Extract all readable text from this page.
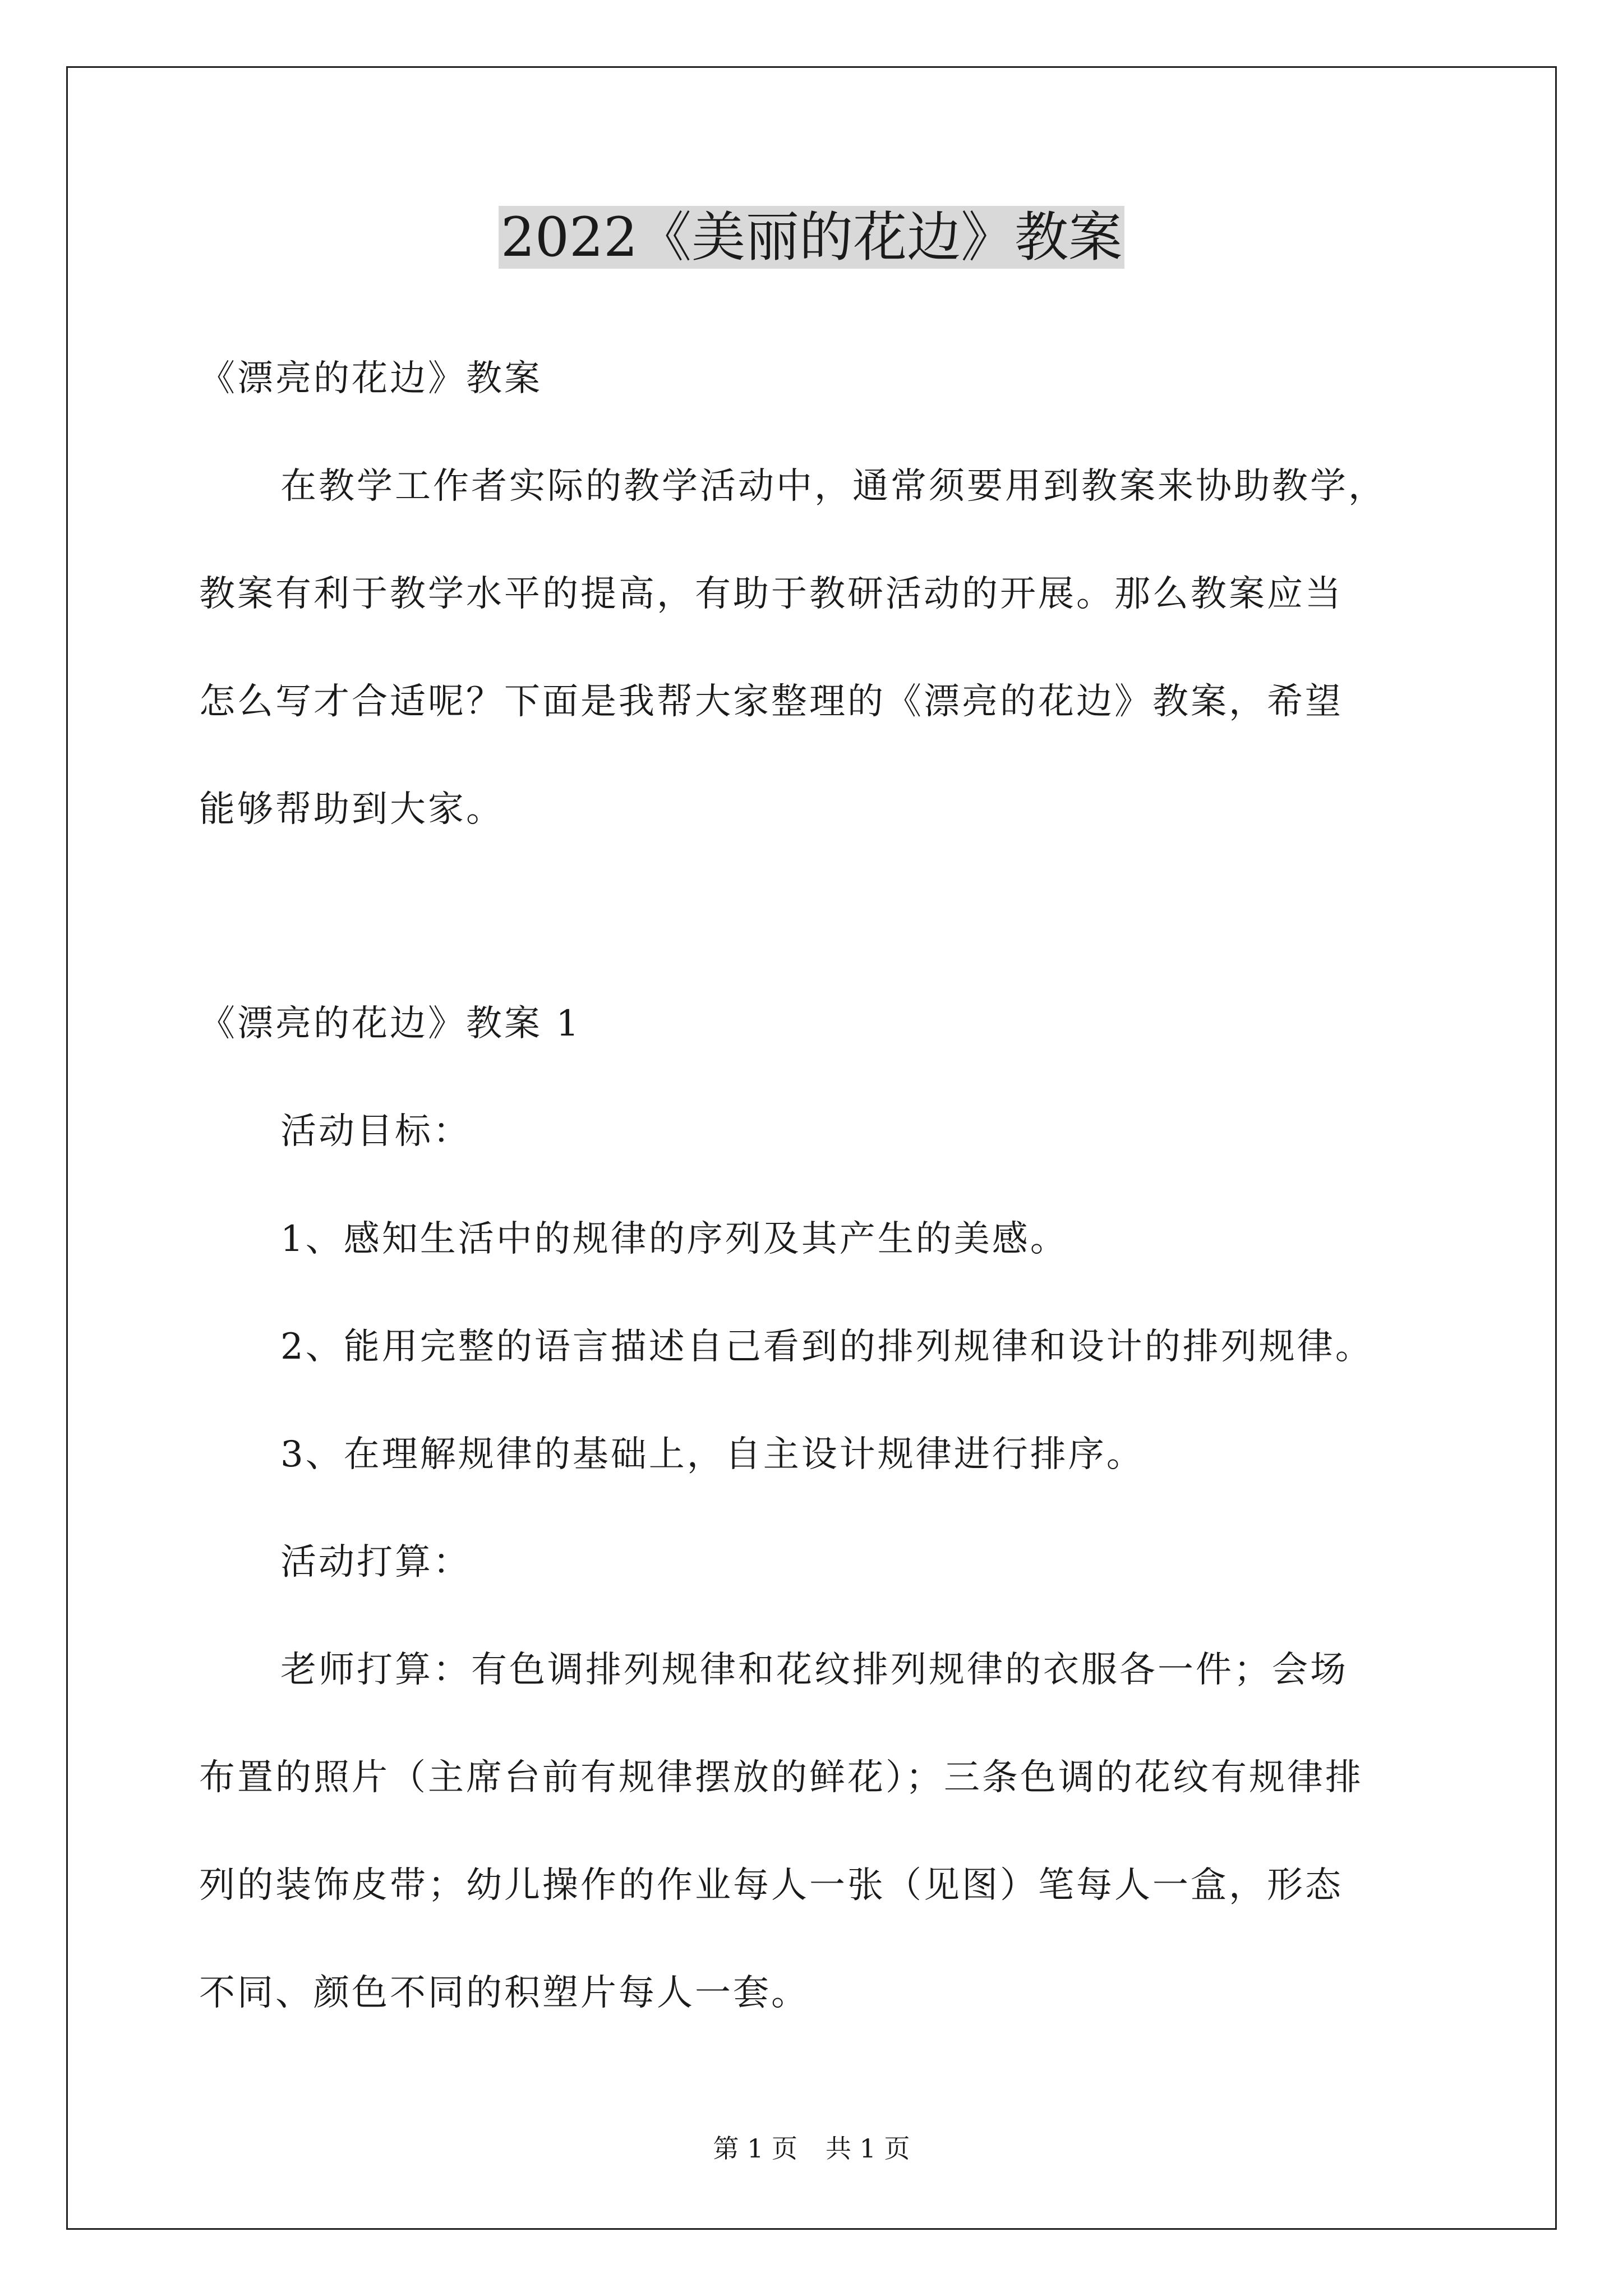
2022《美丽的花边》教案
《漂亮的花边》教案
在教学工作者实际的教学活动中，通常须要用到教案来协助教学，
教案有利于教学水平的提高，有助于教研活动的开展。那么教案应当
怎么写才合适呢？下面是我帮大家整理的《漂亮的花边》教案，希望
能够帮助到大家。
《漂亮的花边》教案 1
活动目标：
1、感知生活中的规律的序列及其产生的美感。
2、能用完整的语言描述自己看到的排列规律和设计的排列规律。
3、在理解规律的基础上，自主设计规律进行排序。
活动打算：
老师打算：有色调排列规律和花纹排列规律的衣服各一件；会场
布置的照片（主席台前有规律摆放的鲜花）；三条色调的花纹有规律排
列的装饰皮带；幼儿操作的作业每人一张（见图）笔每人一盒，形态
不同、颜色不同的积塑片每人一套。
第 1 页 共 1 页
